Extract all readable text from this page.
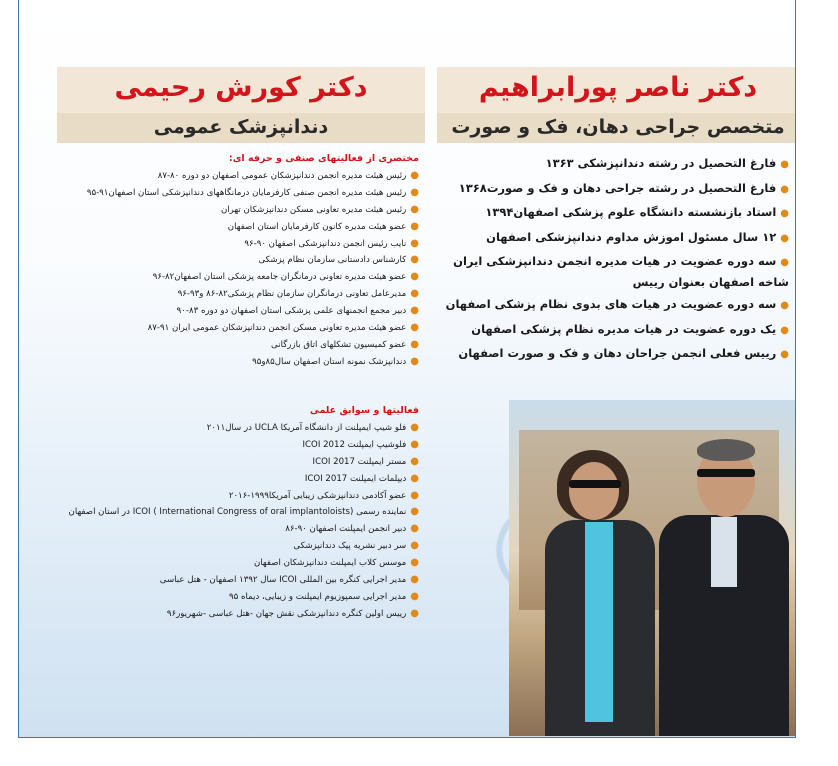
دکتر ناصر پورابراهیم
متخصص جراحی دهان، فک و صورت
●فارغ التحصیل در رشته دندانپزشکی ۱۳۶۳
●فارغ التحصیل در رشته جراحی دهان و فک و صورت۱۳۶۸
●استاد بازنشسته دانشگاه علوم پزشکی اصفهان۱۳۹۴
●۱۲ سال مسئول اموزش مداوم دندانپزشکی اصفهان
●سه دوره عضویت در هیات مدیره انجمن دندانپزشکی ایران شاخه اصفهان بعنوان رییس
●سه دوره عضویت در هیات های بدوی نظام پزشکی اصفهان
●یک دوره عضویت در هیات مدیره نظام پزشکی اصفهان
●رییس فعلی انجمن جراحان دهان و فک و صورت اصفهان
دکتر کورش رحیمی
دندانپزشک عمومی
مختصری از فعالیتهای صنفی و حرفه ای:
●رئیس هیئت مدیره انجمن دندانپزشکان عمومی اصفهان دو دوره ۸۰-۸۷
●رئیس هیئت مدیره انجمن صنفی کارفرمایان درمانگاههای دندانپزشکی استان اصفهان۹۱-۹۵
●رئیس هیئت مدیره تعاونی مسکن دندانپزشکان تهران
●عضو هیئت مدیره کانون کارفرمایان استان اصفهان
●نایب رئیس انجمن دندانپزشکی اصفهان ۹۰-۹۶
●کارشناس دادستانی سازمان نظام پزشکی
●عضو هیئت مدیره تعاونی درمانگران جامعه پزشکی استان اصفهان۸۲-۹۶
●مدیرعامل تعاونی درمانگران سازمان نظام پزشکی۸۲-۸۶ و۹۳-۹۶
●دبیر مجمع انجمنهای علمی پزشکی استان اصفهان دو دوره ۸۳-۹۰
●عضو هیئت مدیره تعاونی مسکن انجمن دندانپزشکان عمومی ایران ۹۱-۸۷
●عضو کمیسیون تشکلهای اتاق بازرگانی
●دندانپزشک نمونه استان اصفهان سال۸۵و۹۵
فعالیتها و سوابق علمی
●فلو شیپ ایمپلنت از دانشگاه آمریکا UCLA در سال۲۰۱۱
●فلوشیپ ایمپلنت ICOI 2012
●مستر ایمپلنت ICOI 2017
●دیپلمات ایمپلنت ICOI 2017
●عضو آکادمی دندانپزشکی زیبایی آمریکا۱۹۹۹-۲۰۱۶
●نماینده رسمی (International Congress of oral implantoloists ) ICOI در استان اصفهان
●دبیر انجمن ایمپلنت اصفهان ۹۰-۸۶
●سر دبیر نشریه پیک دندانپزشکی
●موسس کلاب ایمپلنت دندانپزشکان اصفهان
●مدیر اجرایی کنگره بین المللی ICOI سال ۱۳۹۲ اصفهان - هتل عباسی
●مدیر اجرایی سمپوزیوم ایمپلنت و زیبایی، دیماه ۹۵
●رییس اولین کنگره دندانپزشکی نقش جهان -هتل عباسی -شهریور۹۶
